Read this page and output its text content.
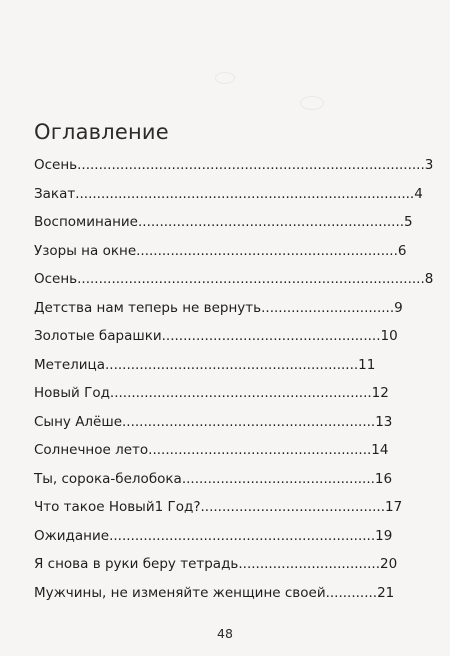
Оглавление
Осень.................................................................................3
Закат...............................................................................4
Воспоминание..............................................................5
Узоры на окне.............................................................6
Осень.................................................................................8
Детства нам теперь не вернуть...............................9
Золотые барашки...................................................10
Метелица...........................................................11
Новый Год.............................................................12
Сыну Алёше...........................................................13
Солнечное лето....................................................14
Ты, сорока-белобока.............................................16
Что такое Новый1 Год?...........................................17
Ожидание..............................................................19
Я снова в руки беру тетрадь.................................20
Мужчины, не изменяйте женщине своей............21
48
